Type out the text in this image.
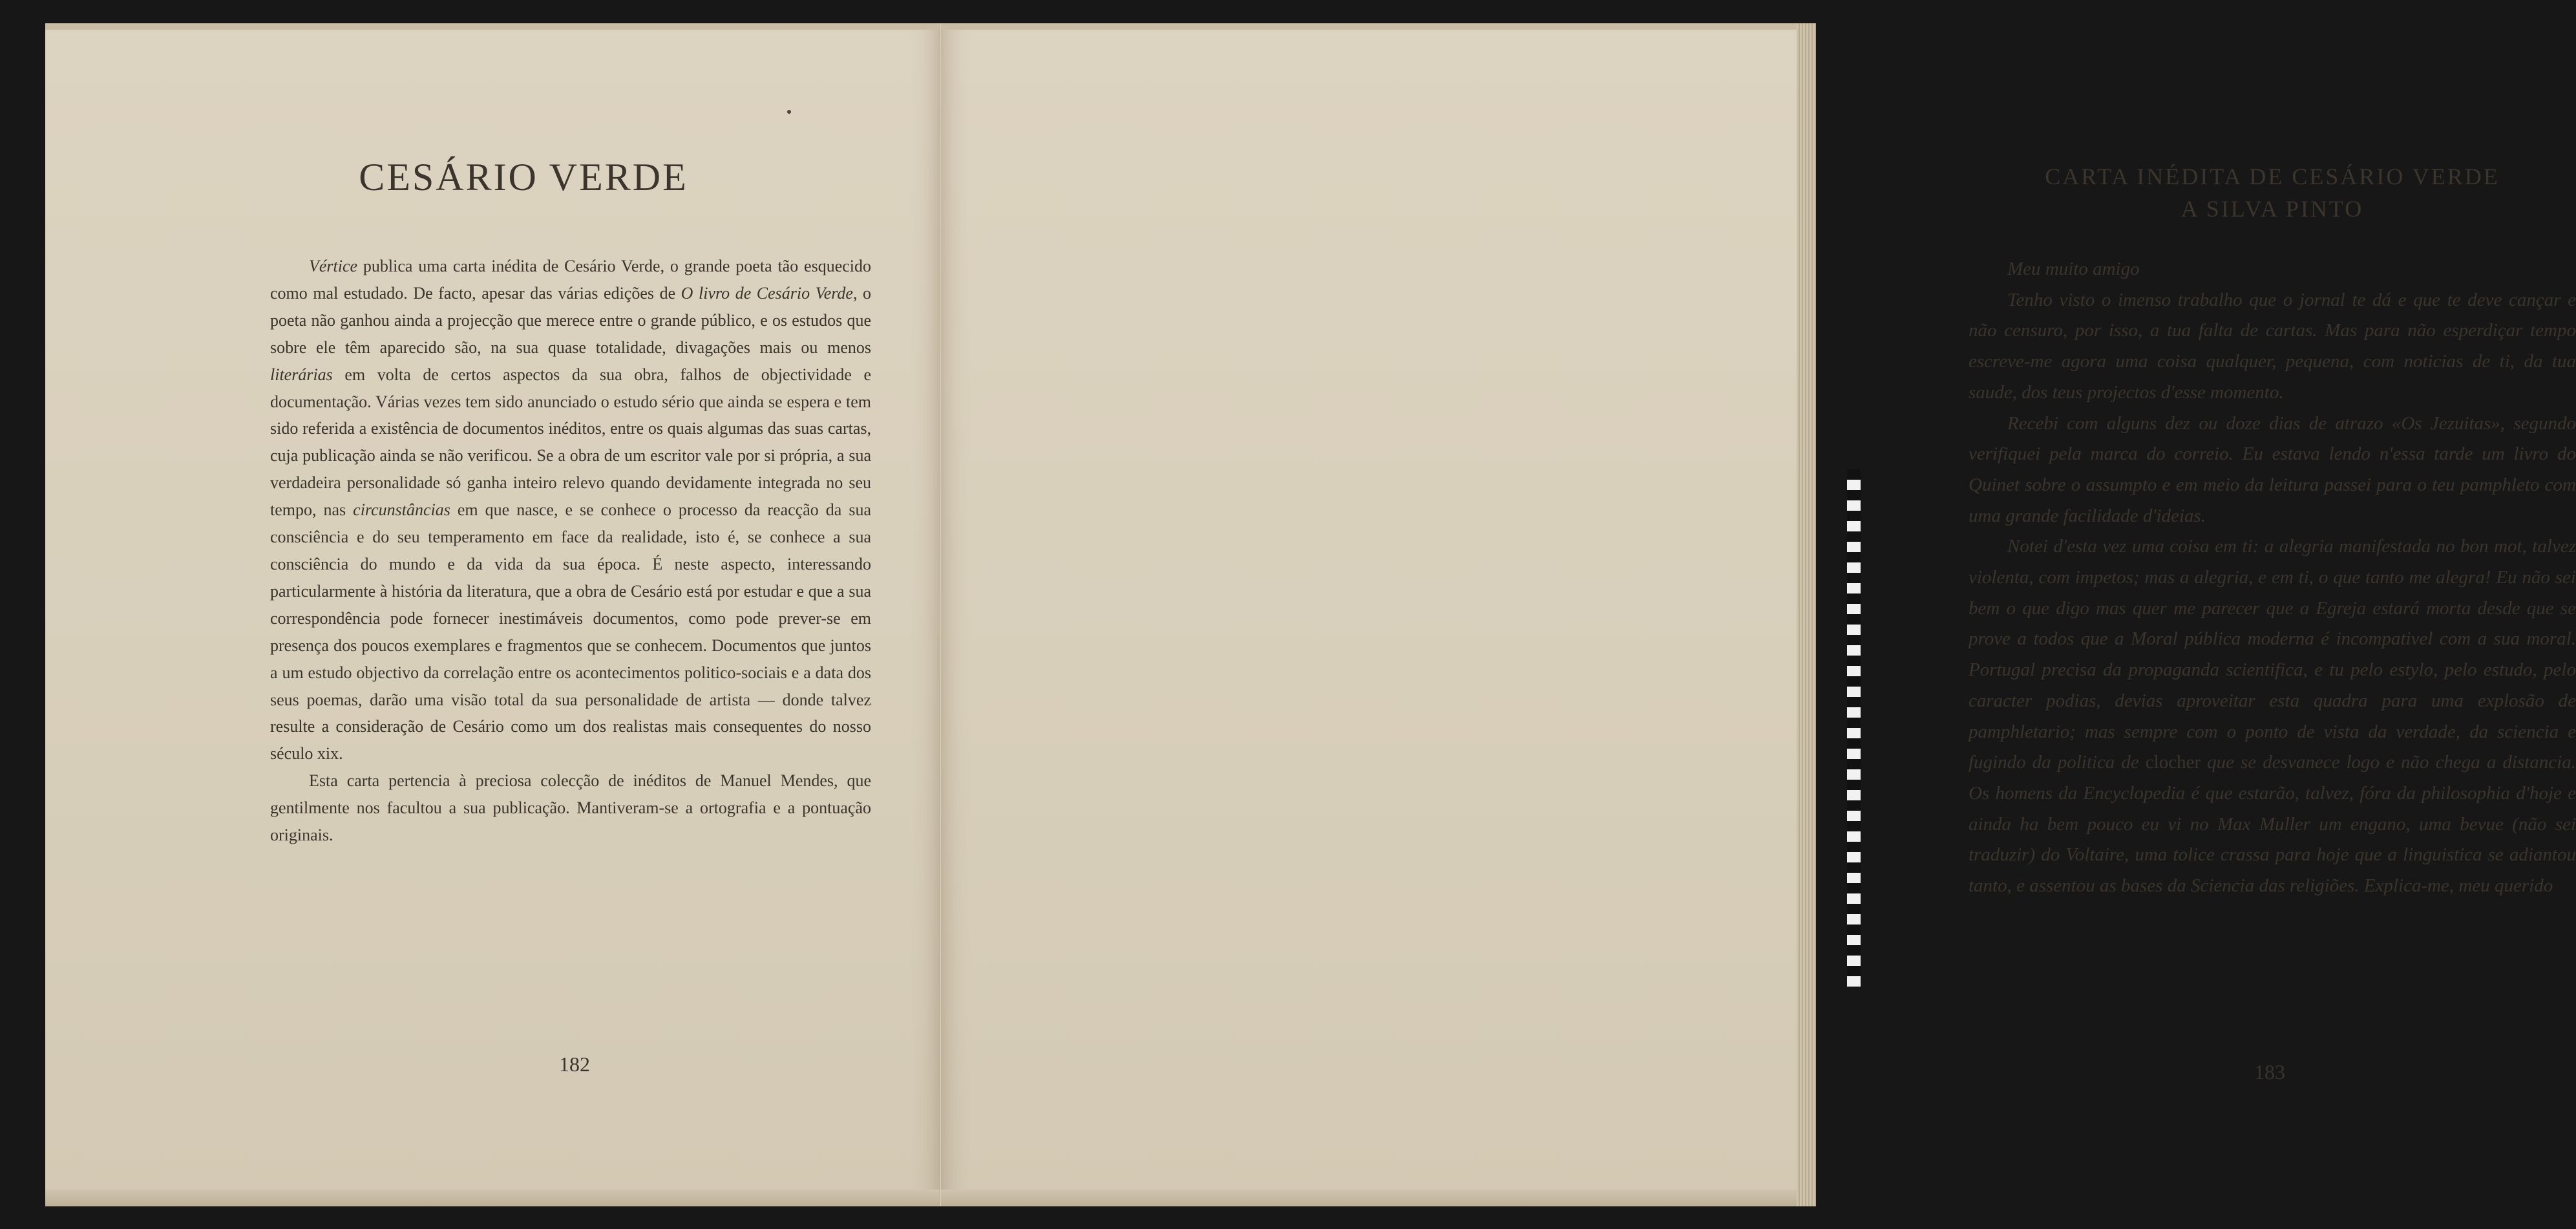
CESÁRIO VERDE

Vértice publica uma carta inédita de Cesário Verde, o grande poeta tão esquecido como mal estudado. De facto, apesar das várias edições de O livro de Cesário Verde, o poeta não ganhou ainda a projecção que merece entre o grande público, e os estudos que sobre ele têm aparecido são, na sua quase totalidade, divagações mais ou menos literárias em volta de certos aspectos da sua obra, falhos de objectividade e documentação. Várias vezes tem sido anunciado o estudo sério que ainda se espera e tem sido referida a existência de documentos inéditos, entre os quais algumas das suas cartas, cuja publicação ainda se não verificou. Se a obra de um escritor vale por si própria, a sua verdadeira personalidade só ganha inteiro relevo quando devidamente integrada no seu tempo, nas circunstâncias em que nasce, e se conhece o processo da reacção da sua consciência e do seu temperamento em face da realidade, isto é, se conhece a sua consciência do mundo e da vida da sua época. É neste aspecto, interessando particularmente à história da literatura, que a obra de Cesário está por estudar e que a sua correspondência pode fornecer inestimáveis documentos, como pode prever-se em presença dos poucos exemplares e fragmentos que se conhecem. Documentos que juntos a um estudo objectivo da correlação entre os acontecimentos politico-sociais e a data dos seus poemas, darão uma visão total da sua personalidade de artista — donde talvez resulte a consideração de Cesário como um dos realistas mais consequentes do nosso século xix.

Esta carta pertencia à preciosa colecção de inéditos de Manuel Mendes, que gentilmente nos facultou a sua publicação. Mantiveram-se a ortografia e a pontuação originais.

182
CARTA INÉDITA DE CESÁRIO VERDE
A SILVA PINTO

Meu muito amigo

Tenho visto o imenso trabalho que o jornal te dá e que te deve cançar e não censuro, por isso, a tua falta de cartas. Mas para não esperdiçar tempo escreve-me agora uma coisa qualquer, pequena, com noticias de ti, da tua saude, dos teus projectos d'esse momento.

Recebi com alguns dez ou doze dias de atrazo «Os Jezuitas», segundo verifiquei pela marca do correio. Eu estava lendo n'essa tarde um livro do Quinet sobre o assumpto e em meio da leitura passei para o teu pamphleto com uma grande facilidade d'ideias.

Notei d'esta vez uma coisa em ti: a alegria manifestada no bon mot, talvez violenta, com impetos; mas a alegria, e em ti, o que tanto me alegra! Eu não sei bem o que digo mas quer me parecer que a Egreja estará morta desde que se prove a todos que a Moral pública moderna é incompativel com a sua moral. Portugal precisa da propaganda scientifica, e tu pelo estylo, pelo estudo, pelo caracter podias, devias aproveitar esta quadra para uma explosão de pamphletario; mas sempre com o ponto de vista da verdade, da sciencia e fugindo da politica de clocher que se desvanece logo e não chega a distancia. Os homens da Encyclopedia é que estarão, talvez, fóra da philosophia d'hoje e ainda ha bem pouco eu vi no Max Muller um engano, uma bevue (não sei traduzir) do Voltaire, uma tolice crassa para hoje que a linguistica se adiantou tanto, e assentou as bases da Sciencia das religiões. Explica-me, meu querido

183
